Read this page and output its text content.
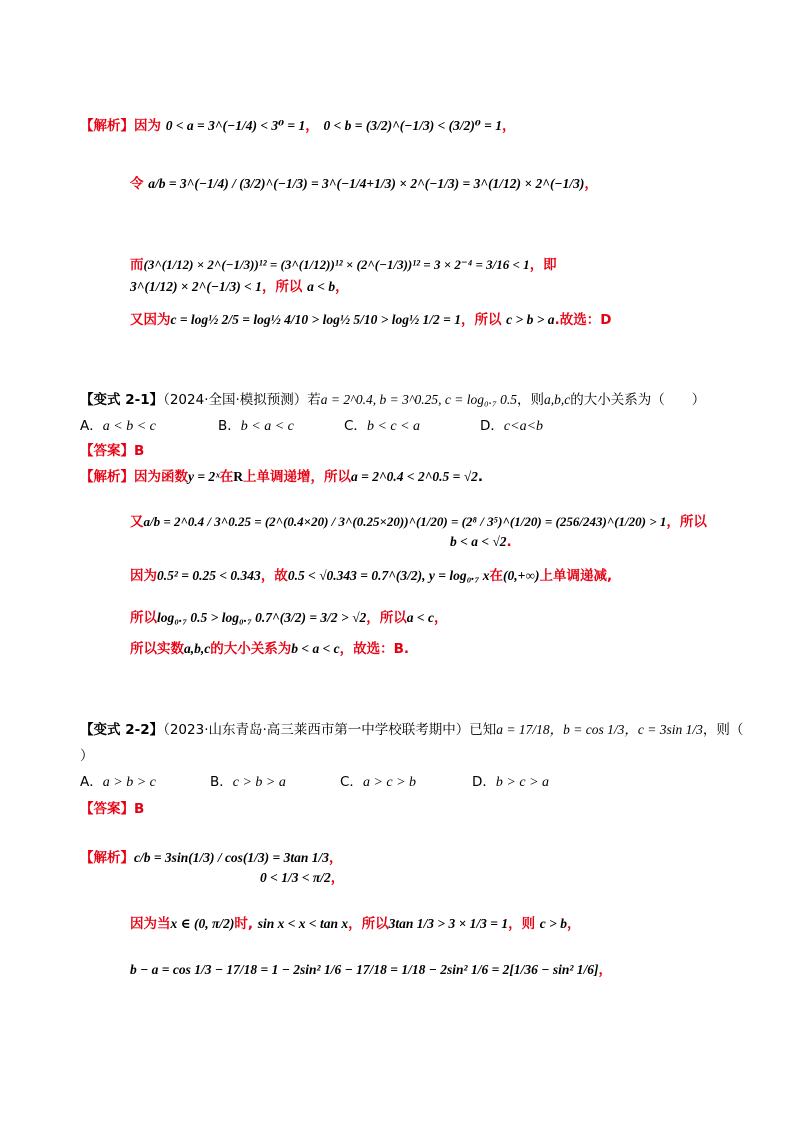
【解析】因为 0 < a = 3^(−1/4) < 3⁰ = 1， 0 < b = (3/2)^(−1/3) < (3/2)⁰ = 1，
令 a/b = 3^(−1/4) / (3/2)^(−1/3) = 3^(−1/4+1/3) × 2^(−1/3) = 3^(1/12) × 2^(−1/3)，
而(3^(1/12) × 2^(−1/3))¹² = (3^(1/12))¹² × (2^(−1/3))¹² = 3 × 2⁻⁴ = 3/16 < 1，即
3^(1/12) × 2^(−1/3) < 1，所以 a < b，
又因为c = log½ 2/5 = log½ 4/10 > log½ 5/10 > log½ 1/2 = 1，所以 c > b > a.故选：D
【变式 2-1】（2024·全国·模拟预测）若a = 2^0.4, b = 3^0.25, c = log₀.₇ 0.5，则a,b,c的大小关系为（　　）
A．a < b < c	B．b < a < c	C．b < c < a	D．c<a<b
【答案】B
【解析】因为函数y = 2ˣ在R上单调递增，所以a = 2^0.4 < 2^0.5 = √2.
又a/b = 2^0.4 / 3^0.25 = (2^(0.4×20) / 3^(0.25×20))^(1/20) = (2⁸ / 3⁵)^(1/20) = (256/243)^(1/20) > 1，所以
b < a < √2.
因为0.5² = 0.25 < 0.343，故0.5 < √0.343 = 0.7^(3/2), y = log₀.₇ x在(0,+∞)上单调递减,
所以log₀.₇ 0.5 > log₀.₇ 0.7^(3/2) = 3/2 > √2，所以a < c，
所以实数a,b,c的大小关系为b < a < c，故选：B.
【变式 2-2】（2023·山东青岛·高三莱西市第一中学校联考期中）已知a = 17/18，b = cos 1/3，c = 3sin 1/3，则（
）
A．a > b > c	B．c > b > a	C．a > c > b	D．b > c > a
【答案】B
【解析】c/b = 3sin(1/3) / cos(1/3) = 3tan 1/3，
0 < 1/3 < π/2，
因为当x ∈ (0, π/2)时, sin x < x < tan x，所以3tan 1/3 > 3 × 1/3 = 1，则 c > b，
b − a = cos 1/3 − 17/18 = 1 − 2sin² 1/6 − 17/18 = 1/18 − 2sin² 1/6 = 2[1/36 − sin² 1/6]，
